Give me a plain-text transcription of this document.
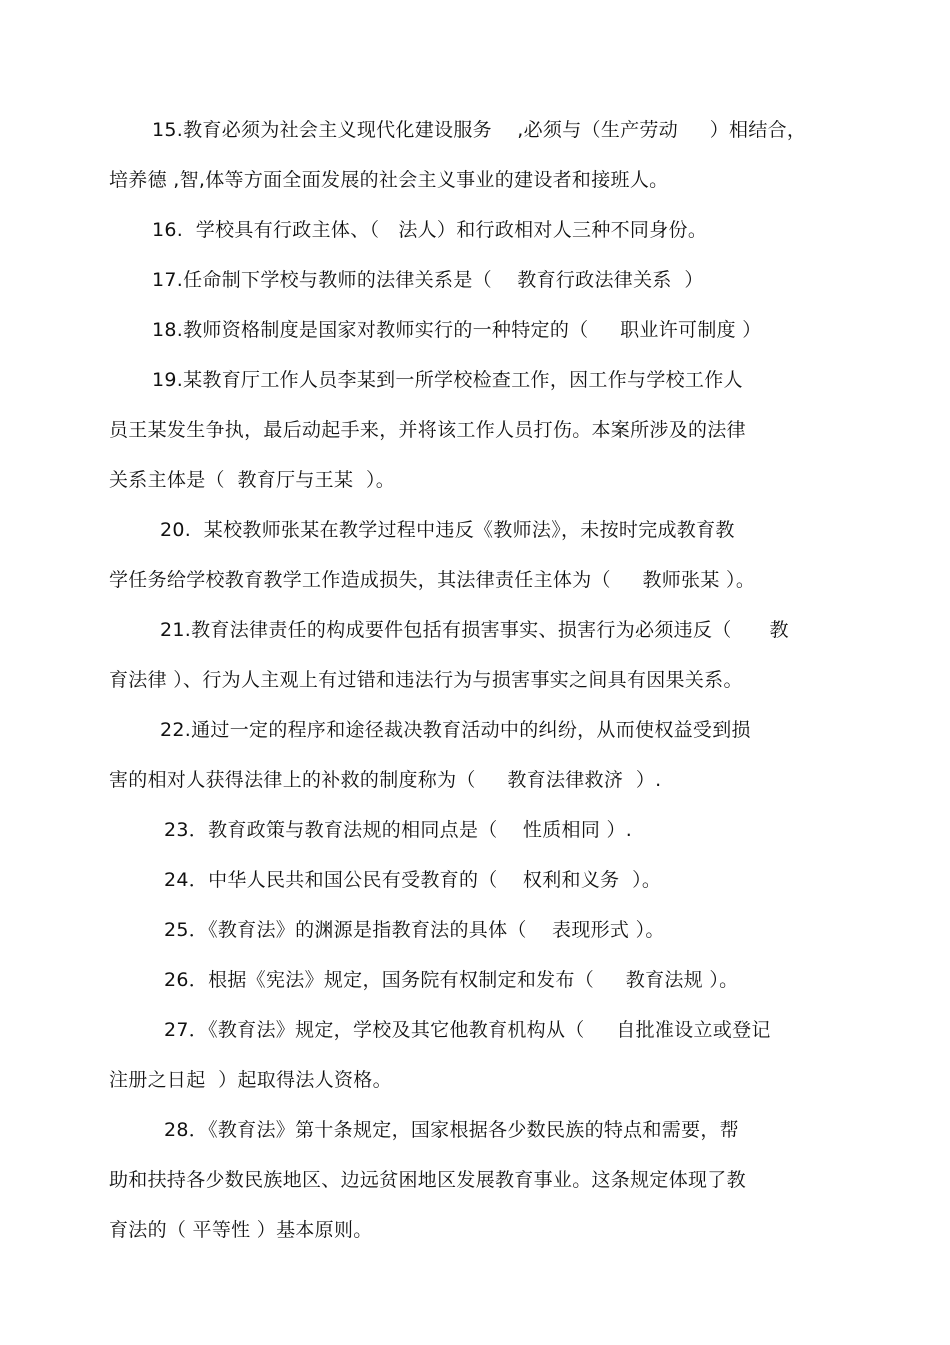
15.教育必须为社会主义现代化建设服务    ,必须与（生产劳动     ）相结合，
培养德 ,智,体等方面全面发展的社会主义事业的建设者和接班人。
16.  学校具有行政主体、（   法人）和行政相对人三种不同身份。
17.任命制下学校与教师的法律关系是（    教育行政法律关系  ）
18.教师资格制度是国家对教师实行的一种特定的（     职业许可制度 ）
19.某教育厅工作人员李某到一所学校检查工作，因工作与学校工作人
员王某发生争执，最后动起手来，并将该工作人员打伤。本案所涉及的法律
关系主体是（  教育厅与王某  ）。
20.  某校教师张某在教学过程中违反《教师法》，未按时完成教育教
学任务给学校教育教学工作造成损失，其法律责任主体为（     教师张某 ）。
21.教育法律责任的构成要件包括有损害事实、损害行为必须违反（      教
育法律 ）、行为人主观上有过错和违法行为与损害事实之间具有因果关系。
22.通过一定的程序和途径裁决教育活动中的纠纷，从而使权益受到损
害的相对人获得法律上的补救的制度称为（     教育法律救济  ）.
23．教育政策与教育法规的相同点是（    性质相同 ）.
24．中华人民共和国公民有受教育的（    权利和义务  ）。
25．《教育法》的渊源是指教育法的具体（    表现形式 ）。
26．根据《宪法》规定，国务院有权制定和发布（     教育法规 ）。
27．《教育法》规定，学校及其它他教育机构从（     自批准设立或登记
注册之日起  ）起取得法人资格。
28．《教育法》第十条规定，国家根据各少数民族的特点和需要，帮
助和扶持各少数民族地区、边远贫困地区发展教育事业。这条规定体现了教
育法的（ 平等性 ）基本原则。
